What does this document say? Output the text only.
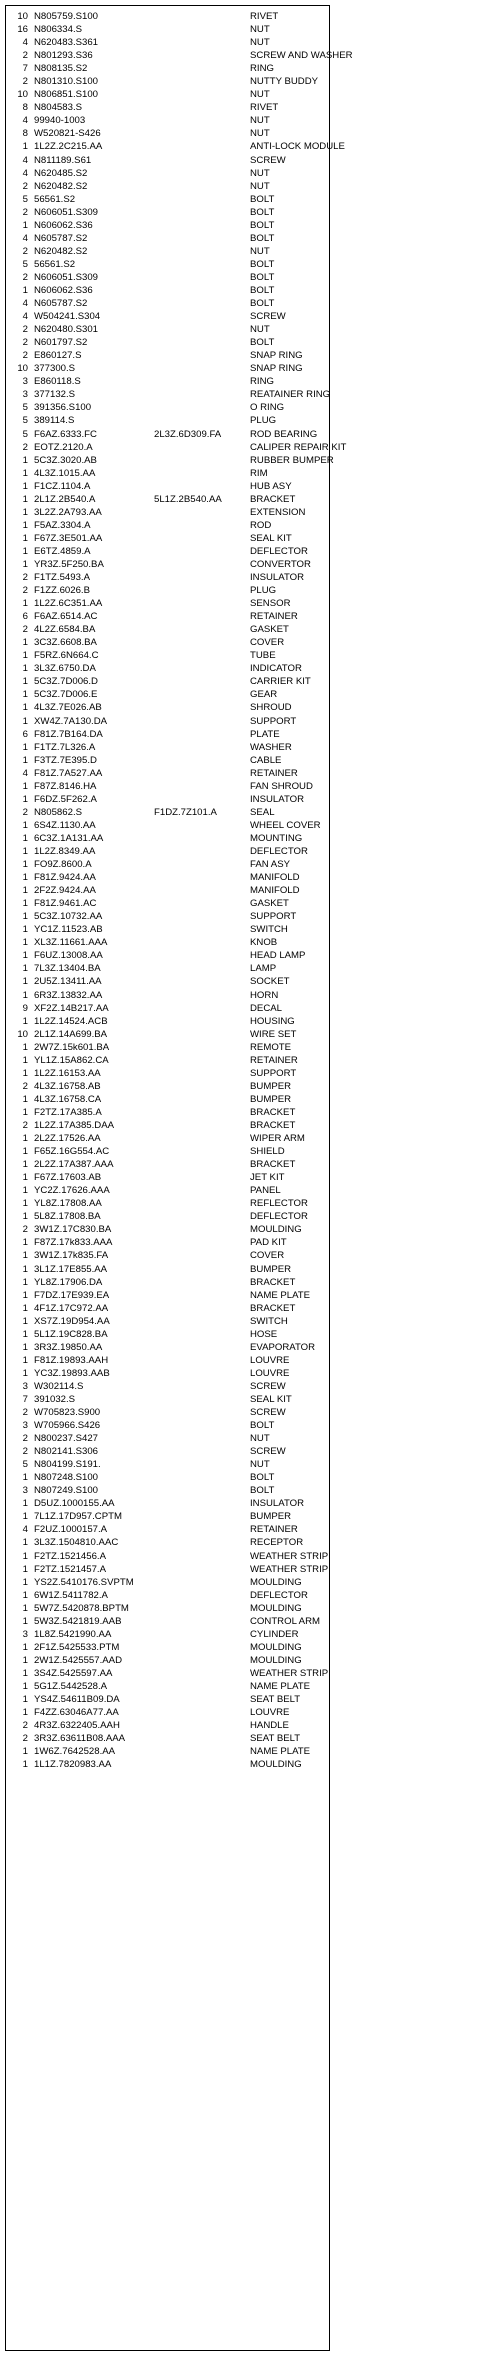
10 N805759.S100	RIVET
16 N806334.S	NUT
4 N620483.S361	NUT
2 N801293.S36	SCREW AND WASHER
7 N808135.S2	RING
2 N801310.S100	NUTTY BUDDY
10 N806851.S100	NUT
8 N804583.S	RIVET
4 99940-1003	NUT
8 W520821-S426	NUT
1 1L2Z.2C215.AA	ANTI-LOCK MODULE
4 N811189.S61	SCREW
4 N620485.S2	NUT
2 N620482.S2	NUT
5 56561.S2	BOLT
2 N606051.S309	BOLT
1 N606062.S36	BOLT
4 N605787.S2	BOLT
2 N620482.S2	NUT
5 56561.S2	BOLT
2 N606051.S309	BOLT
1 N606062.S36	BOLT
4 N605787.S2	BOLT
4 W504241.S304	SCREW
2 N620480.S301	NUT
2 N601797.S2	BOLT
2 E860127.S	SNAP RING
10 377300.S	SNAP RING
3 E860118.S	RING
3 377132.S	REATAINER RING
5 391356.S100	O RING
5 389114.S	PLUG
5 F6AZ.6333.FC	2L3Z.6D309.FA	ROD BEARING
2 EOTZ.2120.A	CALIPER REPAIR KIT
1 5C3Z.3020.AB	RUBBER BUMPER
1 4L3Z.1015.AA	RIM
1 F1CZ.1104.A	HUB ASY
1 2L1Z.2B540.A	5L1Z.2B540.AA	BRACKET
1 3L2Z.2A793.AA	EXTENSION
1 F5AZ.3304.A	ROD
1 F67Z.3E501.AA	SEAL KIT
1 E6TZ.4859.A	DEFLECTOR
1 YR3Z.5F250.BA	CONVERTOR
2 F1TZ.5493.A	INSULATOR
2 F1ZZ.6026.B	PLUG
1 1L2Z.6C351.AA	SENSOR
6 F6AZ.6514.AC	RETAINER
2 4L2Z.6584.BA	GASKET
1 3C3Z.6608.BA	COVER
1 F5RZ.6N664.C	TUBE
1 3L3Z.6750.DA	INDICATOR
1 5C3Z.7D006.D	CARRIER KIT
1 5C3Z.7D006.E	GEAR
1 4L3Z.7E026.AB	SHROUD
1 XW4Z.7A130.DA	SUPPORT
6 F81Z.7B164.DA	PLATE
1 F1TZ.7L326.A	WASHER
1 F3TZ.7E395.D	CABLE
4 F81Z.7A527.AA	RETAINER
1 F87Z.8146.HA	FAN SHROUD
1 F6DZ.5F262.A	INSULATOR
2 N805862.S	F1DZ.7Z101.A	SEAL
1 6S4Z.1130.AA	WHEEL COVER
1 6C3Z.1A131.AA	MOUNTING
1 1L2Z.8349.AA	DEFLECTOR
1 FO9Z.8600.A	FAN ASY
1 F81Z.9424.AA	MANIFOLD
1 2F2Z.9424.AA	MANIFOLD
1 F81Z.9461.AC	GASKET
1 5C3Z.10732.AA	SUPPORT
1 YC1Z.11523.AB	SWITCH
1 XL3Z.11661.AAA	KNOB
1 F6UZ.13008.AA	HEAD LAMP
1 7L3Z.13404.BA	LAMP
1 2U5Z.13411.AA	SOCKET
1 6R3Z.13832.AA	HORN
9 XF2Z.14B217.AA	DECAL
1 1L2Z.14524.ACB	HOUSING
10 2L1Z.14A699.BA	WIRE SET
1 2W7Z.15k601.BA	REMOTE
1 YL1Z.15A862.CA	RETAINER
1 1L2Z.16153.AA	SUPPORT
2 4L3Z.16758.AB	BUMPER
1 4L3Z.16758.CA	BUMPER
1 F2TZ.17A385.A	BRACKET
2 1L2Z.17A385.DAA	BRACKET
1 2L2Z.17526.AA	WIPER ARM
1 F65Z.16G554.AC	SHIELD
1 2L2Z.17A387.AAA	BRACKET
1 F67Z.17603.AB	JET KIT
1 YC2Z.17626.AAA	PANEL
1 YL8Z.17808.AA	REFLECTOR
1 5L8Z.17808.BA	DEFLECTOR
2 3W1Z.17C830.BA	MOULDING
1 F87Z.17k833.AAA	PAD KIT
1 3W1Z.17k835.FA	COVER
1 3L1Z.17E855.AA	BUMPER
1 YL8Z.17906.DA	BRACKET
1 F7DZ.17E939.EA	NAME PLATE
1 4F1Z.17C972.AA	BRACKET
1 XS7Z.19D954.AA	SWITCH
1 5L1Z.19C828.BA	HOSE
1 3R3Z.19850.AA	EVAPORATOR
1 F81Z.19893.AAH	LOUVRE
1 YC3Z.19893.AAB	LOUVRE
3 W302114.S	SCREW
7 391032.S	SEAL KIT
2 W705823.S900	SCREW
3 W705966.S426	BOLT
2 N800237.S427	NUT
2 N802141.S306	SCREW
5 N804199.S191.	NUT
1 N807248.S100	BOLT
3 N807249.S100	BOLT
1 D5UZ.1000155.AA	INSULATOR
1 7L1Z.17D957.CPTM	BUMPER
4 F2UZ.1000157.A	RETAINER
1 3L3Z.1504810.AAC	RECEPTOR
1 F2TZ.1521456.A	WEATHER STRIP
1 F2TZ.1521457.A	WEATHER STRIP
1 YS2Z.5410176.SVPTM	MOULDING
1 6W1Z.5411782.A	DEFLECTOR
1 5W7Z.5420878.BPTM	MOULDING
1 5W3Z.5421819.AAB	CONTROL ARM
3 1L8Z.5421990.AA	CYLINDER
1 2F1Z.5425533.PTM	MOULDING
1 2W1Z.5425557.AAD	MOULDING
1 3S4Z.5425597.AA	WEATHER STRIP
1 5G1Z.5442528.A	NAME PLATE
1 YS4Z.54611B09.DA	SEAT BELT
1 F4ZZ.63046A77.AA	LOUVRE
2 4R3Z.6322405.AAH	HANDLE
2 3R3Z.63611B08.AAA	SEAT BELT
1 1W6Z.7642528.AA	NAME PLATE
1 1L1Z.7820983.AA	MOULDING
